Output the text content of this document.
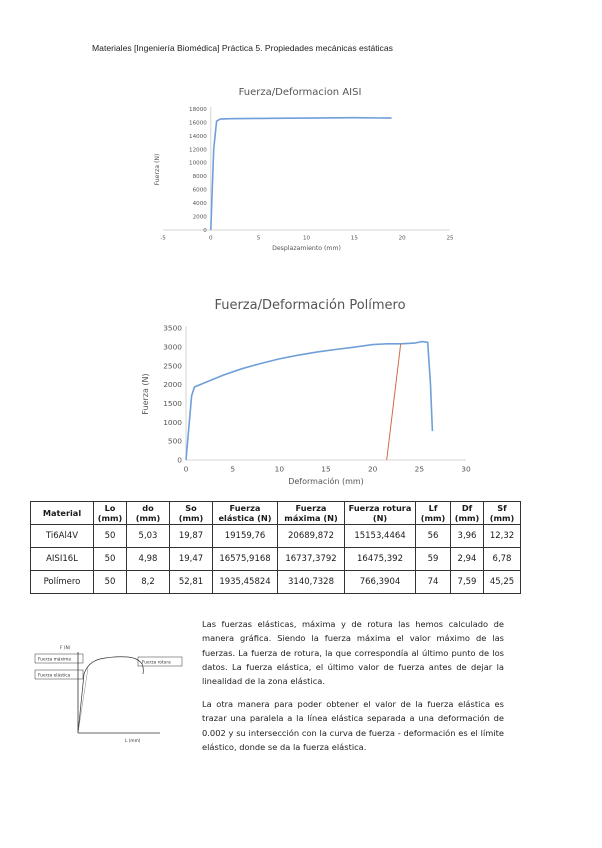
Materiales [Ingeniería Biomédica] Práctica 5. Propiedades mecánicas estáticas
Fuerza/Deformacion AISI
0
2000
4000
6000
8000
10000
12000
14000
16000
18000
-5	0	5	10	15	20	25
Desplazamiento (mm)
Fuerza (N)
Fuerza/Deformación Polímero
0
500
1000
1500
2000
2500
3000
3500
0	5	10	15	20	25	30
Deformación (mm)
Fuerza (N)
Material	Lo (mm)	do (mm)	So (mm)	Fuerza elástica (N)	Fuerza máxima (N)	Fuerza rotura (N)	Lf (mm)	Df (mm)	Sf (mm)
Ti6Al4V	50	5,03	19,87	19159,76	20689,872	15153,4464	56	3,96	12,32
AISI16L	50	4,98	19,47	16575,9168	16737,3792	16475,392	59	2,94	6,78
Polímero	50	8,2	52,81	1935,45824	3140,7328	766,3904	74	7,59	45,25
F (N)
L (mm)
Fuerza máxima
Fuerza elástica
Fuerza rotura
Las fuerzas elásticas, máxima y de rotura las hemos calculado de manera gráfica. Siendo la fuerza máxima el valor máximo de las fuerzas. La fuerza de rotura, la que correspondía al último punto de los datos. La fuerza elástica, el último valor de fuerza antes de dejar la linealidad de la zona elástica.
La otra manera para poder obtener el valor de la fuerza elástica es trazar una paralela a la línea elástica separada a una deformación de 0.002 y su intersección con la curva de fuerza - deformación es el límite elástico, donde se da la fuerza elástica.
